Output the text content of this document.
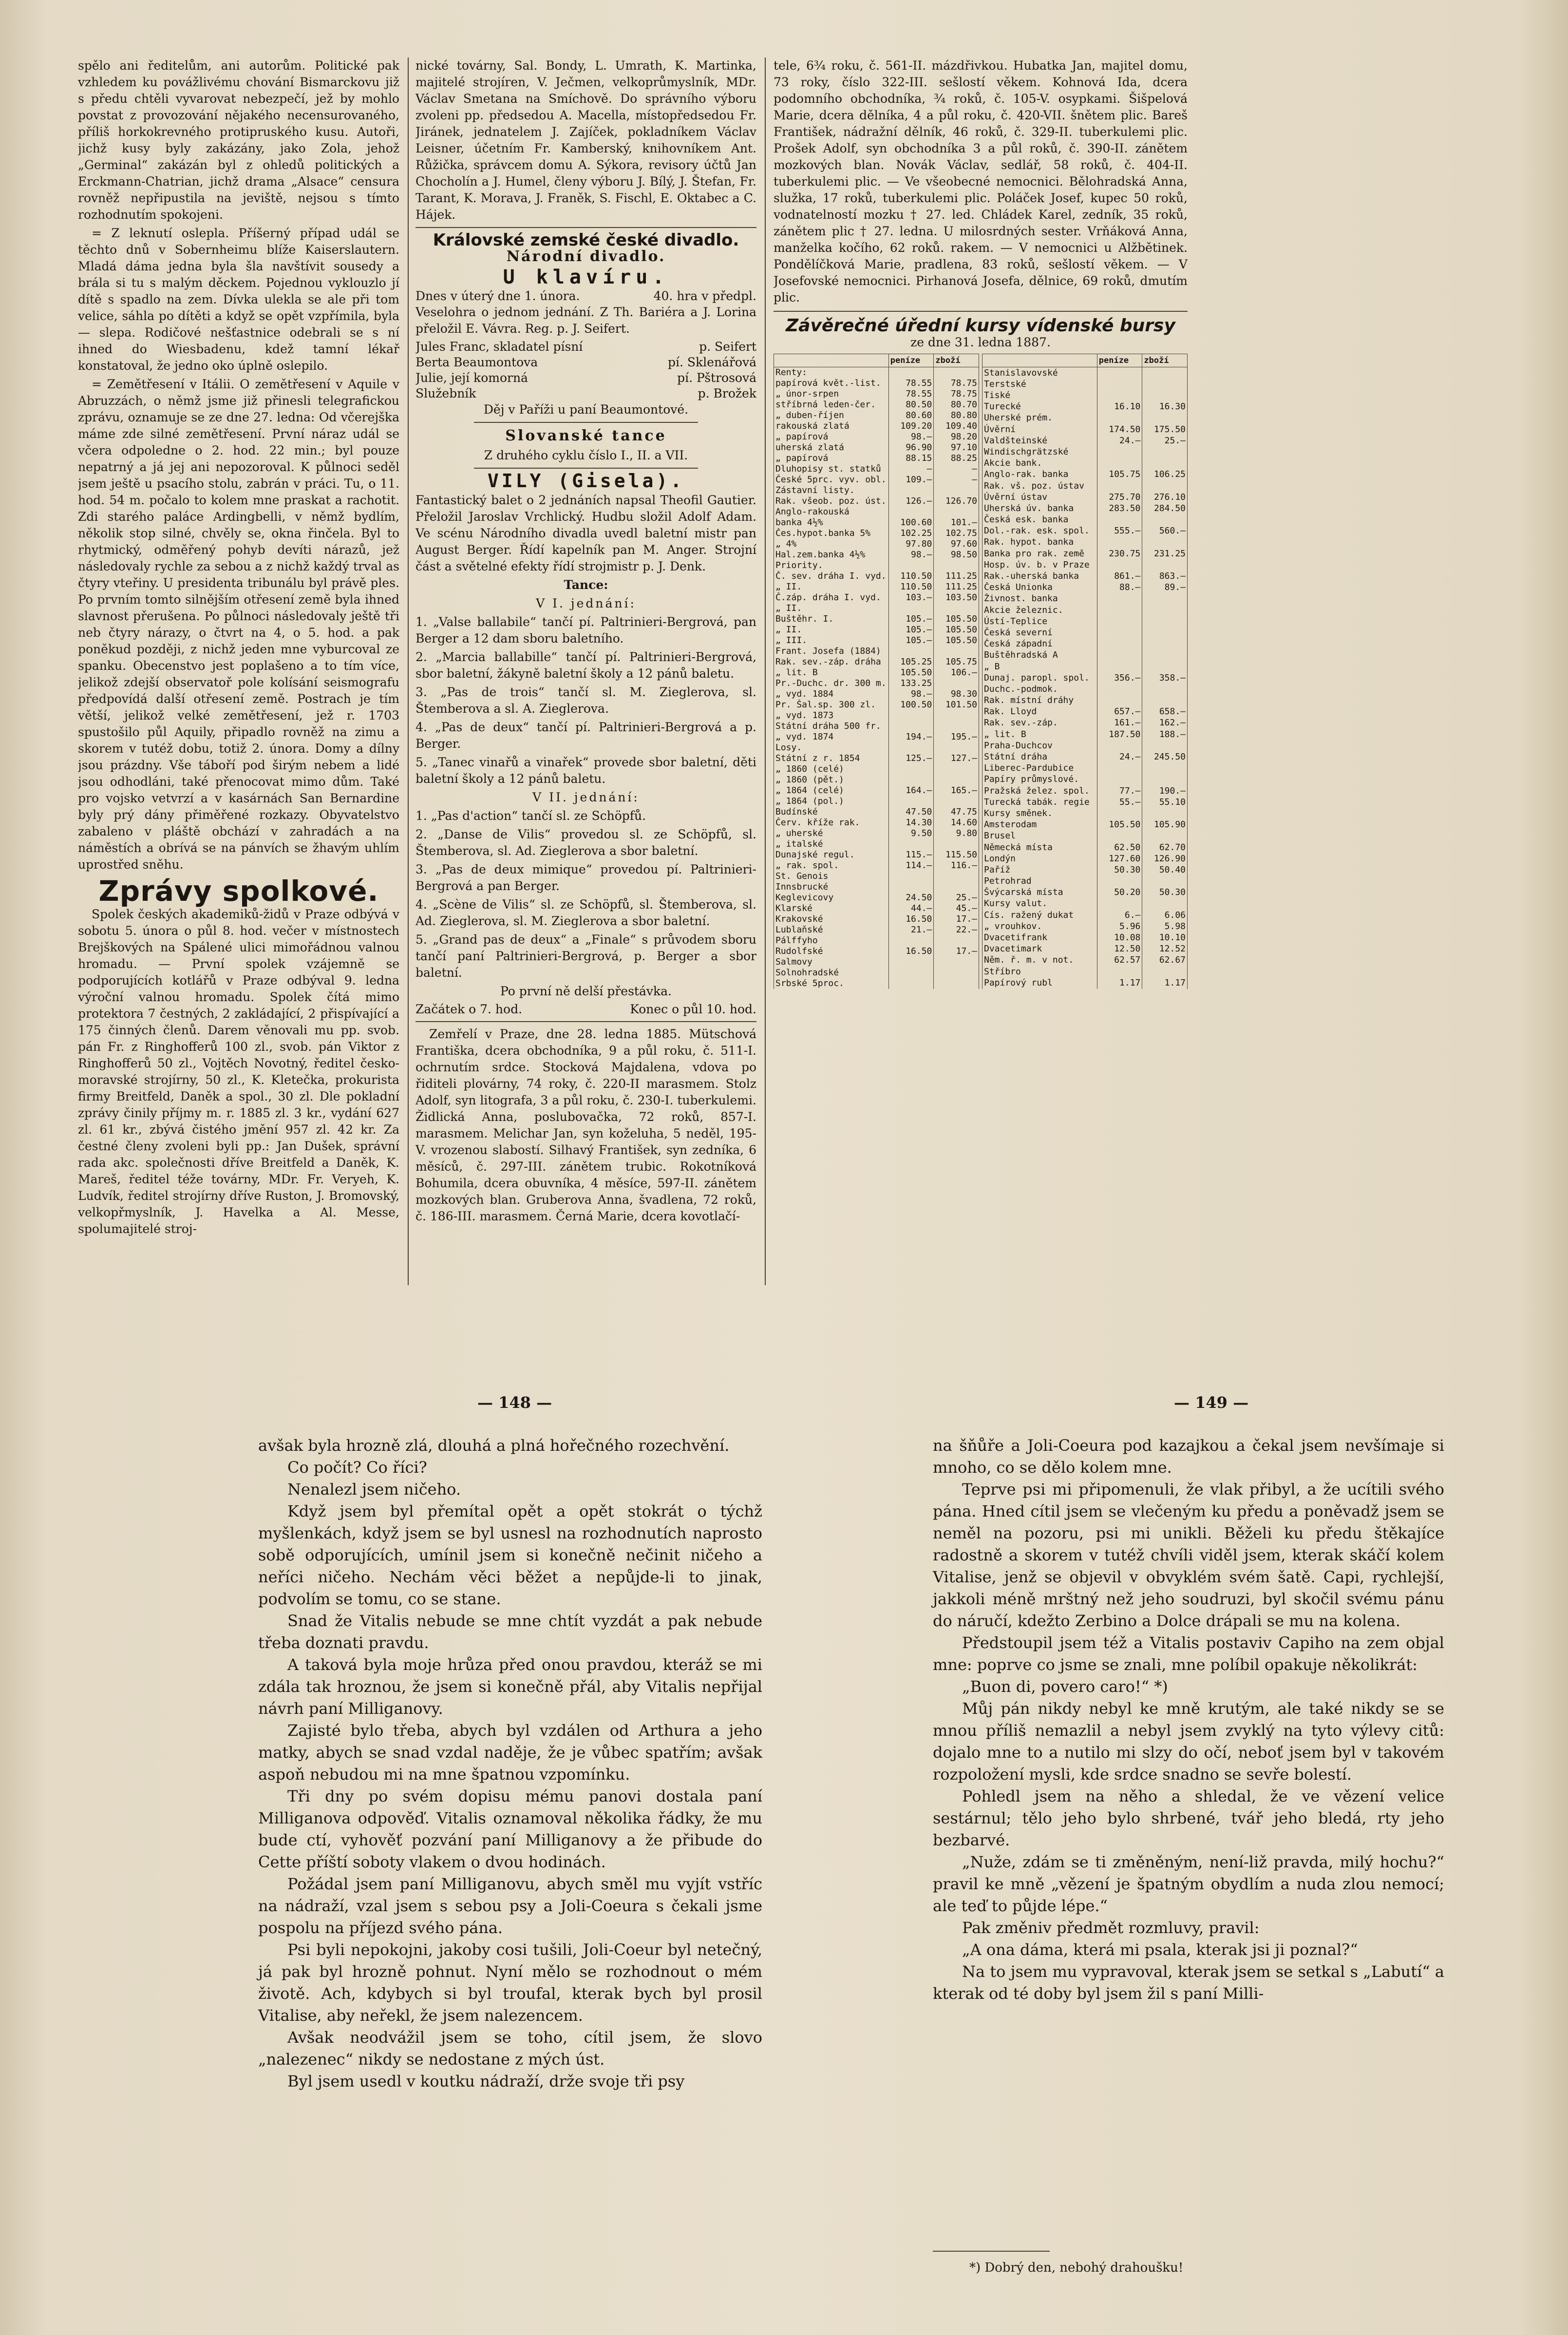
spělo ani ředitelům, ani autorům. Politické pak vzhledem ku povážlivému chování Bismarckovu již s předu chtěli vyvarovat nebezpečí, jež by mohlo povstat z provozování nějakého necensurovaného, příliš horkokrevného protipruského kusu. Autoři, jichž kusy byly zakázány, jako Zola, jehož „Germinal“ zakázán byl z ohledů politických a Erckmann-Chatrian, jichž drama „Alsace“ censura rovněž nepřipustila na jeviště, nejsou s tímto rozhodnutím spokojeni.

= Z leknutí oslepla. Příšerný případ udál se těchto dnů v Sobernheimu blíže Kaiserslautern. Mladá dáma jedna byla šla navštívit sousedy a brála si tu s malým děckem. Pojednou vyklouzlo jí dítě s spadlo na zem. Dívka ulekla se ale při tom velice, sáhla po dítěti a když se opět vzpřímila, byla — slepa. Rodičové nešťastnice odebrali se s ní ihned do Wiesbadenu, kdež tamní lékař konstatoval, že jedno oko úplně oslepilo.

= Zemětřesení v Itálii. O zemětřesení v Aquile v Abruzzách, o němž jsme již přinesli telegrafickou zprávu, oznamuje se ze dne 27. ledna: Od včerejška máme zde silné zemětřesení. První náraz udál se včera odpoledne o 2. hod. 22 min.; byl pouze nepatrný a já jej ani nepozoroval. K půlnoci seděl jsem ještě u psacího stolu, zabrán v práci. Tu, o 11. hod. 54 m. počalo to kolem mne praskat a rachotit. Zdi starého paláce Ardingbelli, v němž bydlím, několik stop silné, chvěly se, okna řinčela. Byl to rhytmický, odměřený pohyb devíti nárazů, jež následovaly rychle za sebou a z nichž každý trval as čtyry vteřiny. U presidenta tribunálu byl právě ples. Po prvním tomto silnějším otřesení země byla ihned slavnost přerušena. Po půlnoci následovaly ještě tři neb čtyry nárazy, o čtvrt na 4, o 5. hod. a pak poněkud později, z nichž jeden mne vyburcoval ze spanku. Obecenstvo jest poplašeno a to tím více, jelikož zdejší observatoř pole kolísání seismografu předpovídá další otřesení země. Postrach je tím větší, jelikož velké zemětřesení, jež r. 1703 spustošilo půl Aquily, připadlo rovněž na zimu a skorem v tutéž dobu, totiž 2. února. Domy a dílny jsou prázdny. Vše táboří pod širým nebem a lidé jsou odhodláni, také přenocovat mimo dům. Také pro vojsko vetvrzí a v kasárnách San Bernardine byly prý dány přiměřené rozkazy. Obyvatelstvo zabaleno v pláště obchází v zahradách a na náměstích a obrívá se na pánvích se žhavým uhlím uprostřed sněhu.

Zprávy spolkové.

Spolek českých akademiků-židů v Praze odbývá v sobotu 5. února o půl 8. hod. večer v místnostech Brejškových na Spálené ulici mimořádnou valnou hromadu. — První spolek vzájemně se podporujících kotlářů v Praze odbýval 9. ledna výroční valnou hromadu. Spolek čítá mimo protektora 7 čestných, 2 zakládající, 2 přispívající a 175 činných členů. Darem věnovali mu pp. svob. pán Fr. z Ringhofferů 100 zl., svob. pán Viktor z Ringhofferů 50 zl., Vojtěch Novotný, ředitel česko-moravské strojírny, 50 zl., K. Kletečka, prokurista firmy Breitfeld, Daněk a spol., 30 zl. Dle pokladní zprávy činily příjmy m. r. 1885 zl. 3 kr., vydání 627 zl. 61 kr., zbývá čistého jmění 957 zl. 42 kr. Za čestné členy zvoleni byli pp.: Jan Dušek, správní rada akc. společnosti dříve Breitfeld a Daněk, K. Mareš, ředitel téže továrny, MDr. Fr. Veryeh, K. Ludvík, ředitel strojírny dříve Ruston, J. Bromovský, velkopřmyslník, J. Havelka a Al. Messe, spolumajitelé stroj-

nické továrny, Sal. Bondy, L. Umrath, K. Martinka, majitelé strojíren, V. Ječmen, velkoprůmyslník, MDr. Václav Smetana na Smíchově. Do správního výboru zvoleni pp. předsedou A. Macella, místopředsedou Fr. Jiránek, jednatelem J. Zajíček, pokladníkem Václav Leisner, účetním Fr. Kamberský, knihovníkem Ant. Růžička, správcem domu A. Sýkora, revisory účtů Jan Chocholín a J. Humel, členy výboru J. Bílý, J. Štefan, Fr. Tarant, K. Morava, J. Franěk, S. Fischl, E. Oktabec a C. Hájek.

Královské zemské české divadlo.
Národní divadlo.
U klavíru.
Dnes v úterý dne 1. února.	40. hra v předpl.

Veselohra o jednom jednání. Z Th. Bariéra a J. Lorina přeložil E. Vávra. Reg. p. J. Seifert.

Jules Franc, skladatel písní	p. Seifert
Berta Beaumontova	pí. Sklenářová
Julie, její komorná	pí. Pštrosová
Služebník	p. Brožek

Děj v Paříži u paní Beaumontové.

Slovanské tance

Z druhého cyklu číslo I., II. a VII.

VILY (Gisela).

Fantastický balet o 2 jednáních napsal Theofil Gautier. Přeložil Jaroslav Vrchlický. Hudbu složil Adolf Adam. Ve scénu Národního divadla uvedl baletní mistr pan August Berger. Řídí kapelník pan M. Anger. Strojní část a světelné efekty řídí strojmistr p. J. Denk.

Tance:

V I. jednání:

1. „Valse ballabile“ tančí pí. Paltrinieri-Bergrová, pan Berger a 12 dam sboru baletního.

2. „Marcia ballabille“ tančí pí. Paltrinieri-Bergrová, sbor baletní, žákyně baletní školy a 12 pánů baletu.

3. „Pas de trois“ tančí sl. M. Zieglerova, sl. Štemberova a sl. A. Zieglerova.

4. „Pas de deux“ tančí pí. Paltrinieri-Bergrová a p. Berger.

5. „Tanec vinařů a vinařek“ provede sbor baletní, děti baletní školy a 12 pánů baletu.

V II. jednání:

1. „Pas d'action“ tančí sl. ze Schöpfů.

2. „Danse de Vilis“ provedou sl. ze Schöpfů, sl. Štemberova, sl. Ad. Zieglerova a sbor baletní.

3. „Pas de deux mimique“ provedou pí. Paltrinieri-Bergrová a pan Berger.

4. „Scène de Vilis“ sl. ze Schöpfů, sl. Štemberova, sl. Ad. Zieglerova, sl. M. Zieglerova a sbor baletní.

5. „Grand pas de deux“ a „Finale“ s průvodem sboru tančí paní Paltrinieri-Bergrová, p. Berger a sbor baletní.

Po první ně delší přestávka.

Začátek o 7. hod.	Konec o půl 10. hod.

Zemřelí v Praze, dne 28. ledna 1885. Mütschová Františka, dcera obchodníka, 9 a půl roku, č. 511-I. ochrnutím srdce. Stocková Majdalena, vdova po řiditeli plovárny, 74 roky, č. 220-II marasmem. Stolz Adolf, syn litografa, 3 a půl roku, č. 230-I. tuberkulemi. Židlická Anna, poslubovačka, 72 roků, 857-I. marasmem. Melichar Jan, syn koželuha, 5 neděl, 195-V. vrozenou slabostí. Silhavý František, syn zedníka, 6 měsíců, č. 297-III. zánětem trubic. Rokotníková Bohumila, dcera obuvníka, 4 měsíce, 597-II. zánětem mozkových blan. Gruberova Anna, švadlena, 72 roků, č. 186-III. marasmem. Černá Marie, dcera kovotlačí-

tele, 6¾ roku, č. 561-II. mázdřivkou. Hubatka Jan, majitel domu, 73 roky, číslo 322-III. sešlostí věkem. Kohnová Ida, dcera podomního obchodníka, ¾ roků, č. 105-V. osypkami. Šišpelová Marie, dcera dělníka, 4 a půl roku, č. 420-VII. šnětem plic. Bareš František, nádražní dělník, 46 roků, č. 329-II. tuberkulemi plic. Prošek Adolf, syn obchodníka 3 a půl roků, č. 390-II. zánětem mozkových blan. Novák Václav, sedlář, 58 roků, č. 404-II. tuberkulemi plic. — Ve všeobecné nemocnici. Bělohradská Anna, služka, 17 roků, tuberkulemi plic. Poláček Josef, kupec 50 roků, vodnatelností mozku † 27. led. Chládek Karel, zedník, 35 roků, zánětem plic † 27. ledna. U milosrdných sester. Vrňáková Anna, manželka kočího, 62 roků. rakem. — V nemocnici u Alžbětinek. Pondělíčková Marie, pradlena, 83 roků, sešlostí věkem. — V Josefovské nemocnici. Pirhanová Josefa, dělnice, 69 roků, dmutím plic.

Závěrečné úřední kursy vídenské bursy

ze dne 31. ledna 1887.

	peníze	zboží
Renty:		
papírová květ.-list.	78.55	78.75
„ únor-srpen	78.55	78.75
stříbrná leden-čer.	80.50	80.70
„ duben-říjen	80.60	80.80
rakouská zlatá	109.20	109.40
„ papírová	98.—	98.20
uherská zlatá	96.90	97.10
„ papírová	88.15	88.25
Dluhopisy st. statků	—	—

České 5prc. vyv. obl.	109.—	—
Zástavní listy.		
Rak. všeob. poz. úst.	126.—	126.70
Anglo-rakouská		
banka 4½%	100.60	101.—
Čes.hypot.banka 5%	102.25	102.75
„ 4%	97.80	97.60
Hal.zem.banka 4½%	98.—	98.50
Priority.		
Č. sev. dráha I. vyd.	110.50	111.25
„ II.	110.50	111.25
Č.záp. dráha I. vyd.	103.—	103.50
„ II.		
Buštěhr. I.	105.—	105.50
„ II.	105.—	105.50
„ III.	105.—	105.50
Frant. Josefa (1884)		
Rak. sev.-záp. dráha	105.25	105.75
„ lit. B	105.50	106.—
Pr.-Duchc. dr. 300 m.	133.25	
„ vyd. 1884	98.—	98.30
Pr. Šal.sp. 300 zl.	100.50	101.50
„ vyd. 1873		
Státní dráha 500 fr.		
„ vyd. 1874	194.—	195.—
Losy.		
Státní z r. 1854	125.—	127.—
„ 1860 (celé)		
„ 1860 (pět.)		
„ 1864 (celé)	164.—	165.—
„ 1864 (pol.)		
Budínské	47.50	47.75
Červ. kříže rak.	14.30	14.60
„ uherské	9.50	9.80
„ italské		
Dunajské regul.	115.—	115.50
„ rak. spol.	114.—	116.—
St. Genois		
Innsbrucké		
Keglevicovy	24.50	25.—
Klarské	44.—	45.—
Krakovské	16.50	17.—
Lublaňské	21.—	22.—
Pálffyho		
Rudolfské	16.50	17.—
Salmovy		
Solnohradské		
Srbské 5proc.		
	peníze	zboží
Stanislavovské		
Terstské		
Tiské		
Turecké	16.10	16.30
Uherské prém.		
Úvěrní	174.50	175.50
Valdšteinské	24.—	25.—
Windischgrätzské		
Akcie bank.		
Anglo-rak. banka	105.75	106.25
Rak. vš. poz. ústav		
Úvěrní ústav	275.70	276.10
Uherská úv. banka	283.50	284.50
Česká esk. banka		
Dol.-rak. esk. spol.	555.—	560.—
Rak. hypot. banka		
Banka pro rak. země	230.75	231.25
Hosp. úv. b. v Praze		
Rak.-uherská banka	861.—	863.—
Česká Unionka	88.—	89.—
Živnost. banka		
Akcie železnic.		
Ústí-Teplice		
Česká severní		
Česká západní		
Buštěhradská A		
„ B		
Dunaj. paropl. spol.	356.—	358.—
Duchc.-podmok.		
Rak. místní dráhy		
Rak. Lloyd	657.—	658.—
Rak. sev.-záp.	161.—	162.—
„ lit. B	187.50	188.—
Praha-Duchcov		
Státní dráha	24.—	245.50
Liberec-Pardubice		
Papíry průmyslové.		
Pražská želez. spol.	77.—	190.—
Turecká tabák. regie	55.—	55.10
Kursy směnek.		
Amsterodam	105.50	105.90
Brusel		
Německá místa	62.50	62.70
Londýn	127.60	126.90
Paříž	50.30	50.40
Petrohrad		
Švýcarská místa	50.20	50.30
Kursy valut.		
Cís. ražený dukat	6.—	6.06
„ vrouhkov.	5.96	5.98
Dvacetifrank	10.08	10.10
Dvacetimark	12.50	12.52
Něm. ř. m. v not.	62.57	62.67
Stříbro		
Papírový rubl	1.17	1.17
— 148 —	— 149 —

avšak byla hrozně zlá, dlouhá a plná hořečného rozechvění.

Co počít? Co říci?

Nenalezl jsem ničeho.

Když jsem byl přemítal opět a opět stokrát o týchž myšlenkách, když jsem se byl usnesl na rozhodnutích naprosto sobě odporujících, umínil jsem si konečně nečinit ničeho a neříci ničeho. Nechám věci běžet a nepůjde-li to jinak, podvolím se tomu, co se stane.

Snad že Vitalis nebude se mne chtít vyzdát a pak nebude třeba doznati pravdu.

A taková byla moje hrůza před onou pravdou, kteráž se mi zdála tak hroznou, že jsem si konečně přál, aby Vitalis nepřijal návrh paní Milliganovy.

Zajisté bylo třeba, abych byl vzdálen od Arthura a jeho matky, abych se snad vzdal naděje, že je vůbec spatřím; avšak aspoň nebudou mi na mne špatnou vzpomínku.

Tři dny po svém dopisu mému panovi dostala paní Milliganova odpověď. Vitalis oznamoval několika řádky, že mu bude ctí, vyhověť pozvání paní Milliganovy a že přibude do Cette příští soboty vlakem o dvou hodinách.

Požádal jsem paní Milliganovu, abych směl mu vyjít vstříc na nádraží, vzal jsem s sebou psy a Joli-Coeura s čekali jsme pospolu na příjezd svého pána.

Psi byli nepokojni, jakoby cosi tušili, Joli-Coeur byl netečný, já pak byl hrozně pohnut. Nyní mělo se rozhodnout o mém životě. Ach, kdybych si byl troufal, kterak bych byl prosil Vitalise, aby neřekl, že jsem nalezencem.

Avšak neodvážil jsem se toho, cítil jsem, že slovo „nalezenec“ nikdy se nedostane z mých úst.

Byl jsem usedl v koutku nádraží, drže svoje tři psy

na šňůře a Joli-Coeura pod kazajkou a čekal jsem nevšímaje si mnoho, co se dělo kolem mne.

Teprve psi mi připomenuli, že vlak přibyl, a že ucítili svého pána. Hned cítil jsem se vlečeným ku předu a poněvadž jsem se neměl na pozoru, psi mi unikli. Běželi ku předu štěkajíce radostně a skorem v tutéž chvíli viděl jsem, kterak skáčí kolem Vitalise, jenž se objevil v obvyklém svém šatě. Capi, rychlejší, jakkoli méně mrštný než jeho soudruzi, byl skočil svému pánu do náručí, kdežto Zerbino a Dolce drápali se mu na kolena.

Předstoupil jsem též a Vitalis postaviv Capiho na zem objal mne: poprve co jsme se znali, mne políbil opakuje několikrát:

„Buon di, povero caro!“ *)

Můj pán nikdy nebyl ke mně krutým, ale také nikdy se se mnou příliš nemazlil a nebyl jsem zvyklý na tyto výlevy citů: dojalo mne to a nutilo mi slzy do očí, neboť jsem byl v takovém rozpoložení mysli, kde srdce snadno se sevře bolestí.

Pohledl jsem na něho a shledal, že ve vězení velice sestárnul; tělo jeho bylo shrbené, tvář jeho bledá, rty jeho bezbarvé.

„Nuže, zdám se ti změněným, není-liž pravda, milý hochu?“ pravil ke mně „vězení je špatným obydlím a nuda zlou nemocí; ale teď to půjde lépe.“

Pak změniv předmět rozmluvy, pravil:

„A ona dáma, která mi psala, kterak jsi ji poznal?“

Na to jsem mu vypravoval, kterak jsem se setkal s „Labutí“ a kterak od té doby byl jsem žil s paní Milli-

*) Dobrý den, nebohý drahoušku!
